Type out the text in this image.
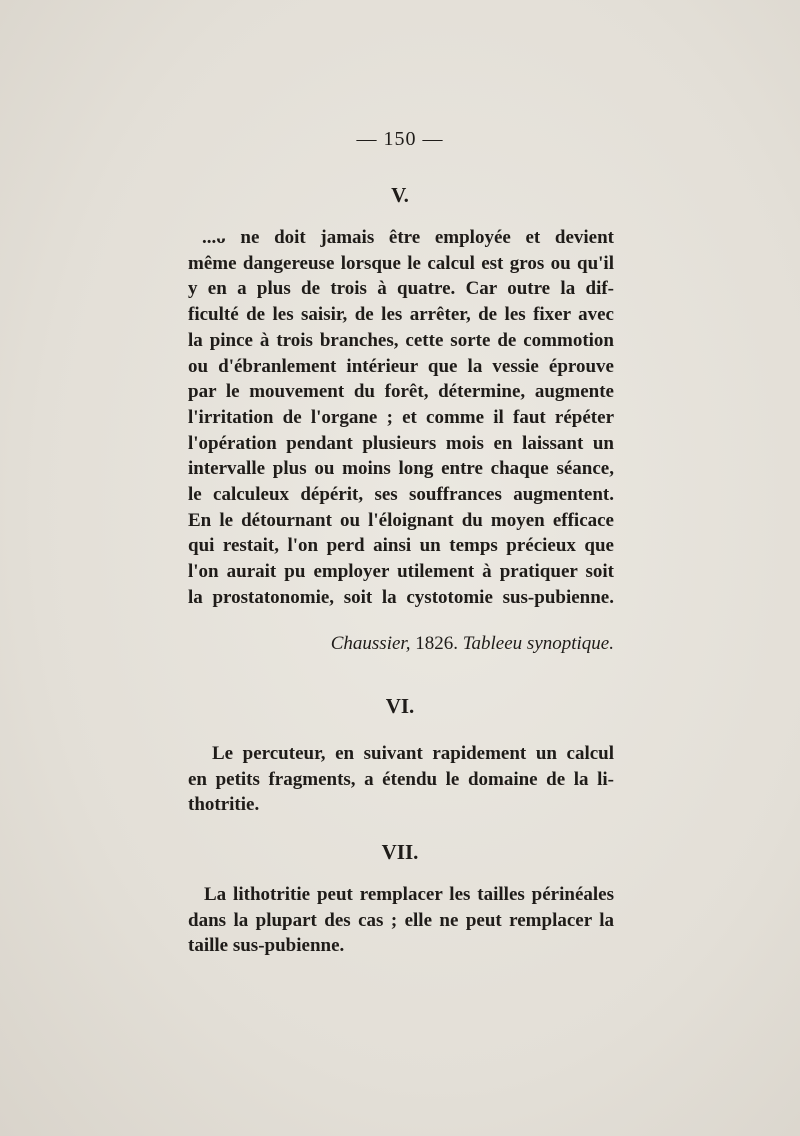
— 150 —
V.
﻿...ᴗ ne doit jamais être employée et devient
même dangereuse lorsque le calcul est gros ou qu'il
y en a plus de trois à quatre. Car outre la dif-
ficulté de les saisir, de les arrêter, de les fixer avec
la pince à trois branches, cette sorte de commotion
ou d'ébranlement intérieur que la vessie éprouve
par le mouvement du forêt, détermine, augmente
l'irritation de l'organe ; et comme il faut répéter
l'opération pendant plusieurs mois en laissant un
intervalle plus ou moins long entre chaque séance,
le calculeux dépérit, ses souffrances augmentent.
En le détournant ou l'éloignant du moyen efficace
qui restait, l'on perd ainsi un temps précieux que
l'on aurait pu employer utilement à pratiquer soit
la prostatonomie, soit la cystotomie sus-pubienne.
Chaussier, 1826. Tableeu synoptique.
VI.
Le percuteur, en suivant rapidement un calcul
en petits fragments, a étendu le domaine de la li-
thotritie.
VII.
La lithotritie peut remplacer les tailles périnéales
dans la plupart des cas ; elle ne peut remplacer la
taille sus-pubienne.
